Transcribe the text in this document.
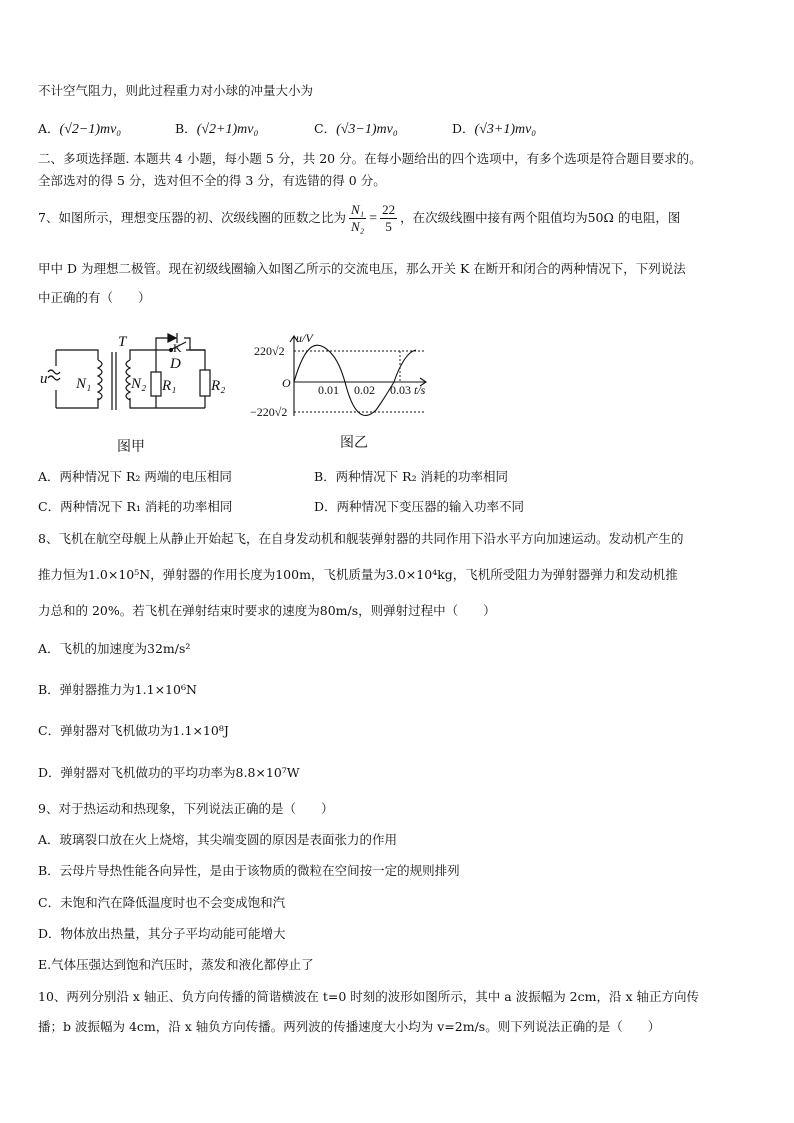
不计空气阻力，则此过程重力对小球的冲量大小为
A．(√2−1)mv₀	B．(√2+1)mv₀	C．(√3−1)mv₀	D．(√3+1)mv₀
二、多项选择题. 本题共 4 小题，每小题 5 分，共 20 分。在每小题给出的四个选项中，有多个选项是符合题目要求的。
全部选对的得 5 分，选对但不全的得 3 分，有选错的得 0 分。
7、如图所示，理想变压器的初、次级线圈的匝数之比为 $\frac{\text{N₁}}{\text{N₂}} = \frac{22}{5}$ ，在次级线圈中接有两个阻值均为50Ω 的电阻，图
甲中 D 为理想二极管。现在初级线圈输入如图乙所示的交流电压，那么开关 K 在断开和闭合的两种情况下，下列说法
中正确的有（　　）
u
T	K
D
N₁	N₂ R₁ R₂
图甲
u/V
220√2
−220√2
O 0.01 0.02 0.03 t/s
图乙
A．两种情况下 R₂ 两端的电压相同	B．两种情况下 R₂ 消耗的功率相同
C．两种情况下 R₁ 消耗的功率相同	D．两种情况下变压器的输入功率不同
8、飞机在航空母舰上从静止开始起飞，在自身发动机和舰装弹射器的共同作用下沿水平方向加速运动。发动机产生的
推力恒为1.0×10⁵N，弹射器的作用长度为100m，飞机质量为3.0×10⁴kg，飞机所受阻力为弹射器弹力和发动机推
力总和的 20%。若飞机在弹射结束时要求的速度为80m/s，则弹射过程中（　　）
A．飞机的加速度为32m/s²
B．弹射器推力为1.1×10⁶N
C．弹射器对飞机做功为1.1×10⁸J
D．弹射器对飞机做功的平均功率为8.8×10⁷W
9、对于热运动和热现象，下列说法正确的是（　　）
A．玻璃裂口放在火上烧熔，其尖端变圆的原因是表面张力的作用
B．云母片导热性能各向异性，是由于该物质的微粒在空间按一定的规则排列
C．未饱和汽在降低温度时也不会变成饱和汽
D．物体放出热量，其分子平均动能可能增大
E.气体压强达到饱和汽压时，蒸发和液化都停止了
10、两列分别沿 x 轴正、负方向传播的简谐横波在 t=0 时刻的波形如图所示，其中 a 波振幅为 2cm，沿 x 轴正方向传
播；b 波振幅为 4cm，沿 x 轴负方向传播。两列波的传播速度大小均为 v=2m/s。则下列说法正确的是（　　）
